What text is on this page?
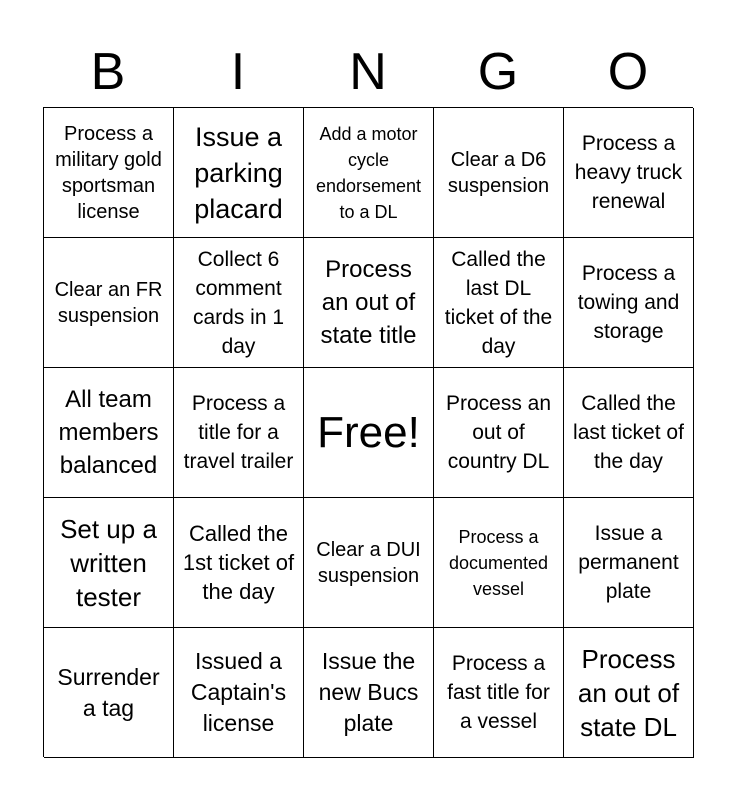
B	I	N	G	O
Process a military gold sportsman license
Issue a parking placard
Add a motor cycle endorsement to a DL
Clear a D6 suspension
Process a heavy truck renewal
Clear an FR suspension
Collect 6 comment cards in 1 day
Process an out of state title
Called the last DL ticket of the day
Process a towing and storage
All team members balanced
Process a title for a travel trailer
Free!
Process an out of country DL
Called the last ticket of the day
Set up a written tester
Called the 1st ticket of the day
Clear a DUI suspension
Process a documented vessel
Issue a permanent plate
Surrender a tag
Issued a Captain's license
Issue the new Bucs plate
Process a fast title for a vessel
Process an out of state DL
